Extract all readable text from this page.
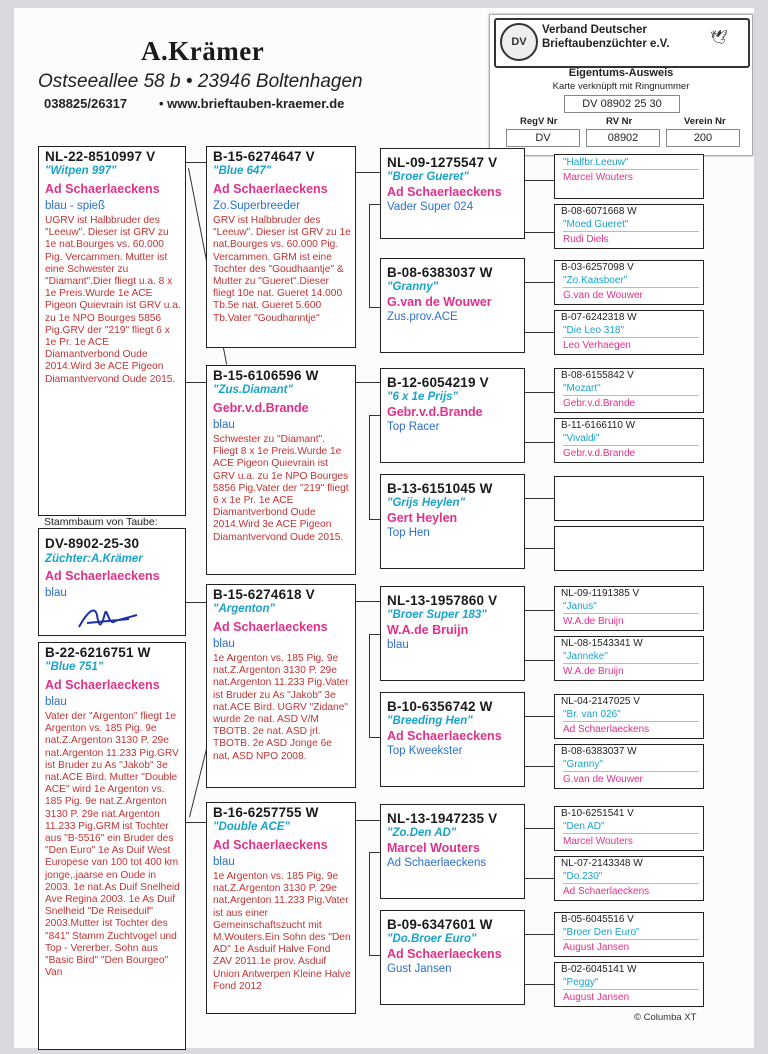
A.Krämer
Ostseeallee 58 b • 23946 Boltenhagen
038825/26317 • www.brieftauben-kraemer.de
DV
Verband Deutscher
Brieftaubenzüchter e.V.	🕊
Eigentums-Ausweis
Karte verknüpft mit Ringnummer
DV 08902 25 30
RegV Nr	RV Nr	Verein Nr
DV	08902	200
NL-22-8510997 V
"Witpen 997"
Ad Schaerlaeckens
blau - spieß
UGRV ist Halbbruder des "Leeuw". Dieser ist GRV zu 1e nat.Bourges vs. 60.000 Pig. Vercammen. Mutter ist eine Schwester zu "Diamant".Dier fliegt u.a. 8 x 1e Preis.Wurde 1e ACE Pigeon Quievrain ist GRV u.a. zu 1e NPO Bourges 5856 Pig.GRV der "219" fliegt 6 x 1e Pr. 1e ACE Diamantverbond Oude 2014.Wird 3e ACE Pigeon Diamantvervond Oude 2015.
Stammbaum von Taube:
DV-8902-25-30
Züchter:A.Krämer
Ad Schaerlaeckens
blau
B-22-6216751 W
"Blue 751"
Ad Schaerlaeckens
blau
Vater der "Argenton" fliegt 1e Argenton vs. 185 Pig. 9e nat.Z.Argenton 3130 P. 29e nat.Argenton 11.233 Pig.GRV ist Bruder zu As "Jakob" 3e nat.ACE Bird. Mutter "Double ACE" wird 1e Argenton vs. 185 Pig. 9e nat.Z.Argenton 3130 P. 29e nat.Argenton 11.233 Pig.GRM ist Tochter aus "B-5516" ein Bruder des "Den Euro" 1e As Duif West Europese van 100 tot 400 km jonge,.jaarse en Oude in 2003. 1e nat.As Duif Snelheid Ave Regina 2003. 1e As Duif Snelheid "De Reiseduif" 2003.Mutter ist Tochter des "841" Stamm Zuchtvogel und Top - Vererber. Sohn aus "Basic Bird" "Den Bourgeo" Van
B-15-6274647 V
"Blue 647"
Ad Schaerlaeckens
Zo.Superbreeder
GRV ist Halbbruder des "Leeuw". Dieser ist GRV zu 1e nat.Bourges vs. 60.000 Pig. Vercammen. GRM ist eine Tochter des "Goudhaantje" & Mutter zu "Gueret".Dieser fliegt 10e nat. Gueret 14.000 Tb.5e nat. Gueret 5.600 Tb.Vater "Goudhanntje"
B-15-6106596 W
"Zus.Diamant"
Gebr.v.d.Brande
blau
Schwester zu "Diamant". Fliegt 8 x 1e Preis.Wurde 1e ACE Pigeon Quievrain ist GRV u.a. zu 1e NPO Bourges 5856 Pig.Vater der "219" fliegt 6 x 1e Pr. 1e ACE Diamantverbond Oude 2014.Wird 3e ACE Pigeon Diamantvervond Oude 2015.
B-15-6274618 V
"Argenton"
Ad Schaerlaeckens
blau
1e Argenton vs. 185 Pig. 9e nat.Z.Argenton 3130 P. 29e nat.Argenton 11.233 Pig.Vater ist Bruder zu As "Jakob" 3e nat.ACE Bird. UGRV "Zidane" wurde 2e nat. ASD V/M TBOTB. 2e nat. ASD jrl. TBOTB. 2e ASD Jonge 6e nat. ASD NPO 2008.
B-16-6257755 W
"Double ACE"
Ad Schaerlaeckens
blau
1e Argenton vs. 185 Pig. 9e nat.Z.Argenton 3130 P. 29e nat.Argenton 11.233 Pig.Vater ist aus einer Gemeinschaftszucht mit M.Wouters.Ein Sohn des "Den AD" 1e Asduif Halve Fond ZAV 2011.1e prov. Asduif Union Antwerpen Kleine Halve Fond 2012
NL-09-1275547 V
"Broer Gueret"
Ad Schaerlaeckens
Vader Super 024
B-08-6383037 W
"Granny"
G.van de Wouwer
Zus.prov.ACE
B-12-6054219 V
"6 x 1e Prijs"
Gebr.v.d.Brande
Top Racer
B-13-6151045 W
"Grijs Heylen"
Gert Heylen
Top Hen
NL-13-1957860 V
"Broer Super 183"
W.A.de Bruijn
blau
B-10-6356742 W
"Breeding Hen"
Ad Schaerlaeckens
Top Kweekster
NL-13-1947235 V
"Zo.Den AD"
Marcel Wouters
Ad Schaerlaeckens
B-09-6347601 W
"Do.Broer Euro"
Ad Schaerlaeckens
Gust Jansen
"Halfbr.Leeuw"
Marcel Wouters
B-08-6071668 W
"Moed Gueret"
Rudi Diels
B-03-6257098 V
"Zo.Kaasboer"
G.van de Wouwer
B-07-6242318 W
"Die Leo 318"
Leo Verhaegen
B-08-6155842 V
"Mozart"
Gebr.v.d.Brande
B-11-6166110 W
"Vivaldi"
Gebr.v.d.Brande
NL-09-1191385 V
"Janus"
W.A.de Bruijn
NL-08-1543341 W
"Janneke"
W.A.de Bruijn
NL-04-2147025 V
"Br. van 026"
Ad Schaerlaeckens
B-08-6383037 W
"Granny"
G.van de Wouwer
B-10-6251541 V
"Den AD"
Marcel Wouters
NL-07-2143348 W
"Do.230"
Ad Schaerlaeckens
B-05-6045516 V
"Broer Den Euro"
August Jansen
B-02-6045141 W
"Peggy"
August Jansen
© Columba XT
